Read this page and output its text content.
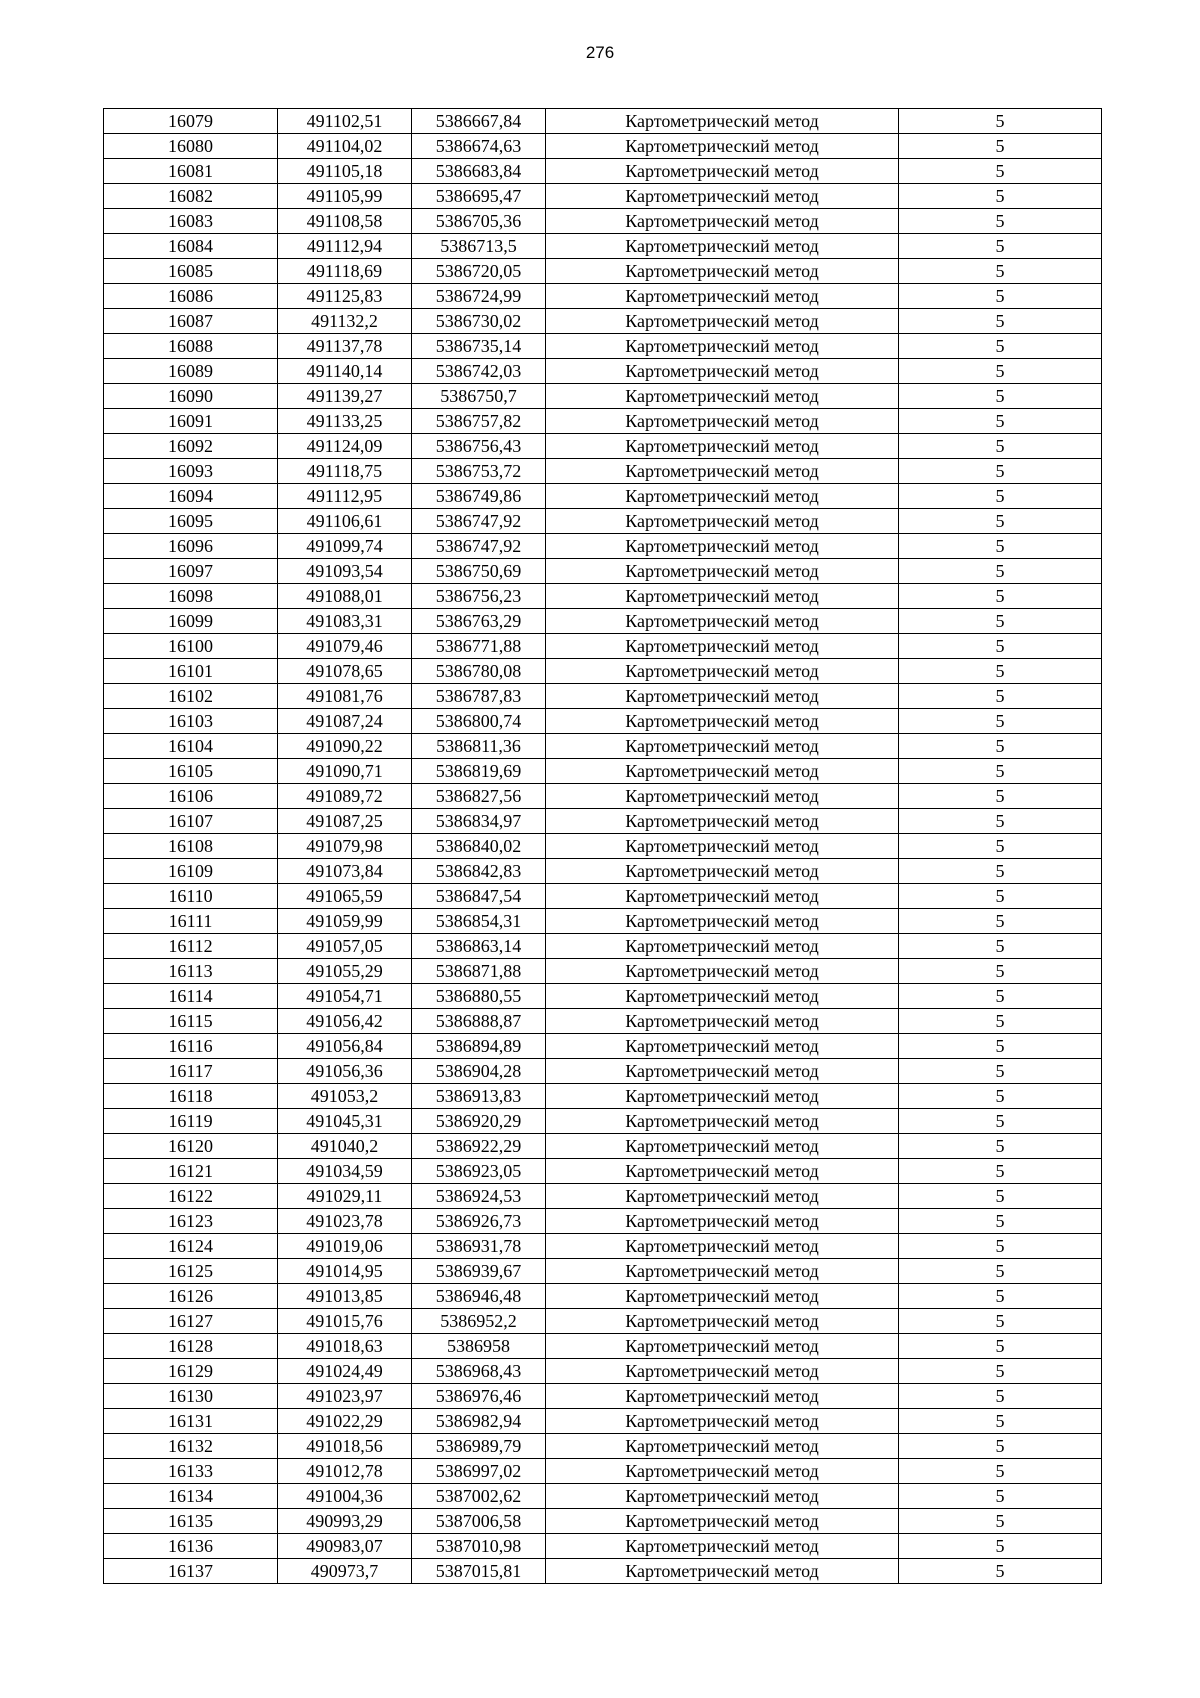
276
16079	491102,51	5386667,84	Картометрический метод	5
16080	491104,02	5386674,63	Картометрический метод	5
16081	491105,18	5386683,84	Картометрический метод	5
16082	491105,99	5386695,47	Картометрический метод	5
16083	491108,58	5386705,36	Картометрический метод	5
16084	491112,94	5386713,5	Картометрический метод	5
16085	491118,69	5386720,05	Картометрический метод	5
16086	491125,83	5386724,99	Картометрический метод	5
16087	491132,2	5386730,02	Картометрический метод	5
16088	491137,78	5386735,14	Картометрический метод	5
16089	491140,14	5386742,03	Картометрический метод	5
16090	491139,27	5386750,7	Картометрический метод	5
16091	491133,25	5386757,82	Картометрический метод	5
16092	491124,09	5386756,43	Картометрический метод	5
16093	491118,75	5386753,72	Картометрический метод	5
16094	491112,95	5386749,86	Картометрический метод	5
16095	491106,61	5386747,92	Картометрический метод	5
16096	491099,74	5386747,92	Картометрический метод	5
16097	491093,54	5386750,69	Картометрический метод	5
16098	491088,01	5386756,23	Картометрический метод	5
16099	491083,31	5386763,29	Картометрический метод	5
16100	491079,46	5386771,88	Картометрический метод	5
16101	491078,65	5386780,08	Картометрический метод	5
16102	491081,76	5386787,83	Картометрический метод	5
16103	491087,24	5386800,74	Картометрический метод	5
16104	491090,22	5386811,36	Картометрический метод	5
16105	491090,71	5386819,69	Картометрический метод	5
16106	491089,72	5386827,56	Картометрический метод	5
16107	491087,25	5386834,97	Картометрический метод	5
16108	491079,98	5386840,02	Картометрический метод	5
16109	491073,84	5386842,83	Картометрический метод	5
16110	491065,59	5386847,54	Картометрический метод	5
16111	491059,99	5386854,31	Картометрический метод	5
16112	491057,05	5386863,14	Картометрический метод	5
16113	491055,29	5386871,88	Картометрический метод	5
16114	491054,71	5386880,55	Картометрический метод	5
16115	491056,42	5386888,87	Картометрический метод	5
16116	491056,84	5386894,89	Картометрический метод	5
16117	491056,36	5386904,28	Картометрический метод	5
16118	491053,2	5386913,83	Картометрический метод	5
16119	491045,31	5386920,29	Картометрический метод	5
16120	491040,2	5386922,29	Картометрический метод	5
16121	491034,59	5386923,05	Картометрический метод	5
16122	491029,11	5386924,53	Картометрический метод	5
16123	491023,78	5386926,73	Картометрический метод	5
16124	491019,06	5386931,78	Картометрический метод	5
16125	491014,95	5386939,67	Картометрический метод	5
16126	491013,85	5386946,48	Картометрический метод	5
16127	491015,76	5386952,2	Картометрический метод	5
16128	491018,63	5386958	Картометрический метод	5
16129	491024,49	5386968,43	Картометрический метод	5
16130	491023,97	5386976,46	Картометрический метод	5
16131	491022,29	5386982,94	Картометрический метод	5
16132	491018,56	5386989,79	Картометрический метод	5
16133	491012,78	5386997,02	Картометрический метод	5
16134	491004,36	5387002,62	Картометрический метод	5
16135	490993,29	5387006,58	Картометрический метод	5
16136	490983,07	5387010,98	Картометрический метод	5
16137	490973,7	5387015,81	Картометрический метод	5
